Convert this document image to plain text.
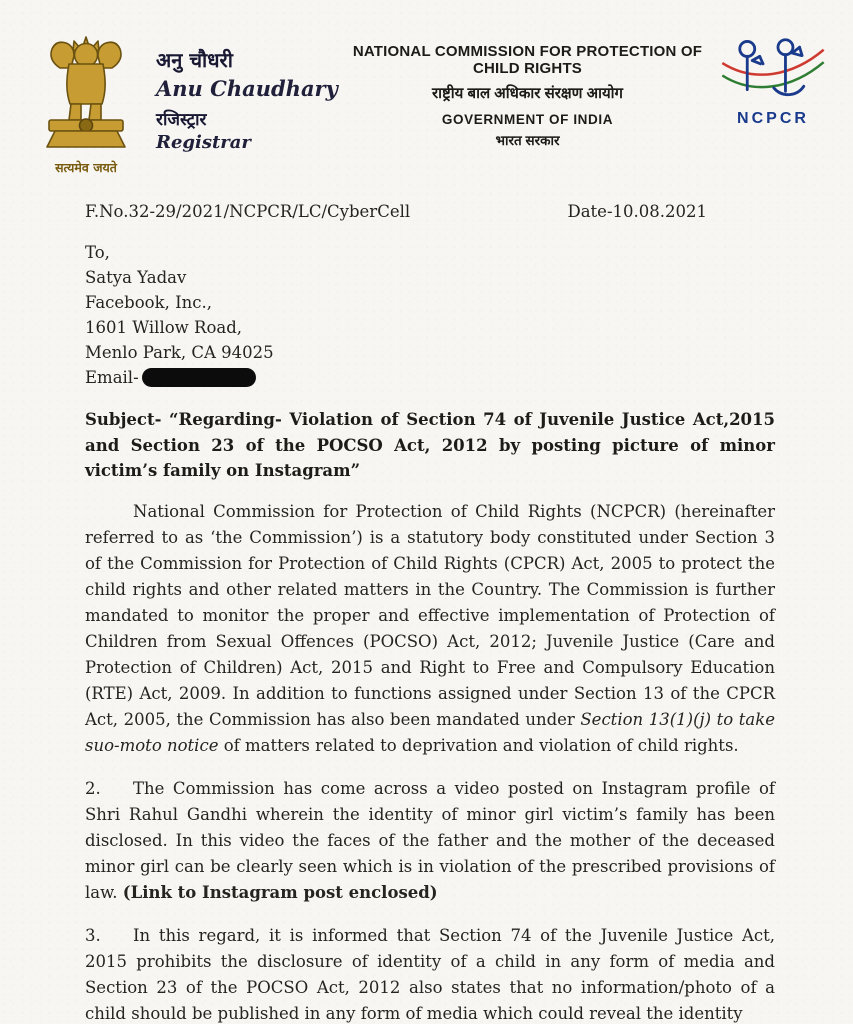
सत्यमेव जयते
अनु चौधरी
Anu Chaudhary
रजिस्ट्रार
Registrar
NATIONAL COMMISSION FOR PROTECTION OF CHILD RIGHTS
राष्ट्रीय बाल अधिकार संरक्षण आयोग
GOVERNMENT OF INDIA
भारत सरकार
NCPCR
F.No.32-29/2021/NCPCR/LC/CyberCell	Date-10.08.2021
To,
Satya Yadav
Facebook, Inc.,
1601 Willow Road,
Menlo Park, CA 94025
Email-
Subject- “Regarding- Violation of Section 74 of Juvenile Justice Act,2015 and Section 23 of the POCSO Act, 2012 by posting picture of minor victim’s family on Instagram”

National Commission for Protection of Child Rights (NCPCR) (hereinafter referred to as ‘the Commission’) is a statutory body constituted under Section 3 of the Commission for Protection of Child Rights (CPCR) Act, 2005 to protect the child rights and other related matters in the Country. The Commission is further mandated to monitor the proper and effective implementation of Protection of Children from Sexual Offences (POCSO) Act, 2012; Juvenile Justice (Care and Protection of Children) Act, 2015 and Right to Free and Compulsory Education (RTE) Act, 2009. In addition to functions assigned under Section 13 of the CPCR Act, 2005, the Commission has also been mandated under Section 13(1)(j) to take suo-moto notice of matters related to deprivation and violation of child rights.

2. The Commission has come across a video posted on Instagram profile of Shri Rahul Gandhi wherein the identity of minor girl victim’s family has been disclosed. In this video the faces of the father and the mother of the deceased minor girl can be clearly seen which is in violation of the prescribed provisions of law. (Link to Instagram post enclosed)

3. In this regard, it is informed that Section 74 of the Juvenile Justice Act, 2015 prohibits the disclosure of identity of a child in any form of media and Section 23 of the POCSO Act, 2012 also states that no information/photo of a child should be published in any form of media which could reveal the identity
